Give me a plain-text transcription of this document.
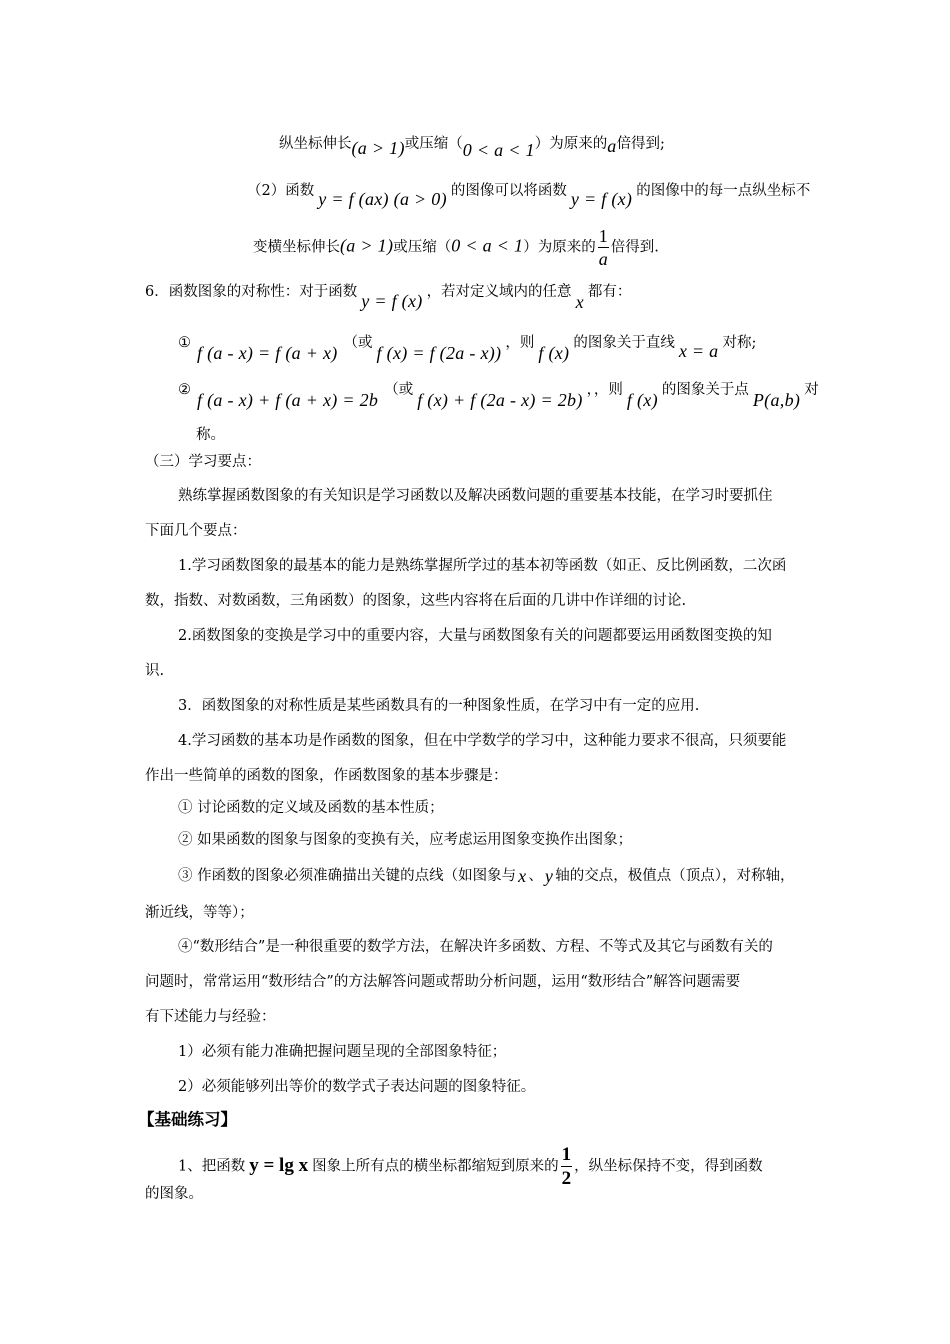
纵坐标伸长(a > 1)或压缩（0 < a < 1）为原来的a倍得到;
（2）函数 y = f (ax) (a > 0) 的图像可以将函数 y = f (x) 的图像中的每一点纵坐标不
变横坐标伸长(a > 1)或压缩（0 < a < 1）为原来的 $\frac{1}{a}$ 倍得到.
6．函数图象的对称性：对于函数 y = f (x) ，若对定义域内的任意 x 都有：
① f (a - x) = f (a + x) （或 f (x) = f (2a - x)) ，则 f (x) 的图象关于直线 x = a 对称;
② f (a - x) + f (a + x) = 2b （或 f (x) + f (2a - x) = 2b) ，，则 f (x) 的图象关于点 P(a,b) 对
称。
（三）学习要点：
熟练掌握函数图象的有关知识是学习函数以及解决函数问题的重要基本技能，在学习时要抓住
下面几个要点：
1.学习函数图象的最基本的能力是熟练掌握所学过的基本初等函数（如正、反比例函数，二次函
数，指数、对数函数，三角函数）的图象，这些内容将在后面的几讲中作详细的讨论.
2.函数图象的变换是学习中的重要内容，大量与函数图象有关的问题都要运用函数图变换的知
识.
3．函数图象的对称性质是某些函数具有的一种图象性质，在学习中有一定的应用.
4.学习函数的基本功是作函数的图象，但在中学数学的学习中，这种能力要求不很高，只须要能
作出一些简单的函数的图象，作函数图象的基本步骤是：
① 讨论函数的定义域及函数的基本性质；
② 如果函数的图象与图象的变换有关，应考虑运用图象变换作出图象；
③ 作函数的图象必须准确描出关键的点线（如图象与 x 、 y 轴的交点，极值点（顶点），对称轴，
渐近线，等等）；
④“数形结合”是一种很重要的数学方法，在解决许多函数、方程、不等式及其它与函数有关的
问题时，常常运用“数形结合”的方法解答问题或帮助分析问题，运用“数形结合”解答问题需要
有下述能力与经验：
1）必须有能力准确把握问题呈现的全部图象特征；
2）必须能够列出等价的数学式子表达问题的图象特征。
【基础练习】
1、把函数 y = lg x 图象上所有点的横坐标都缩短到原来的 $\frac{1}{2}$ ，纵坐标保持不变，得到函数
的图象。
